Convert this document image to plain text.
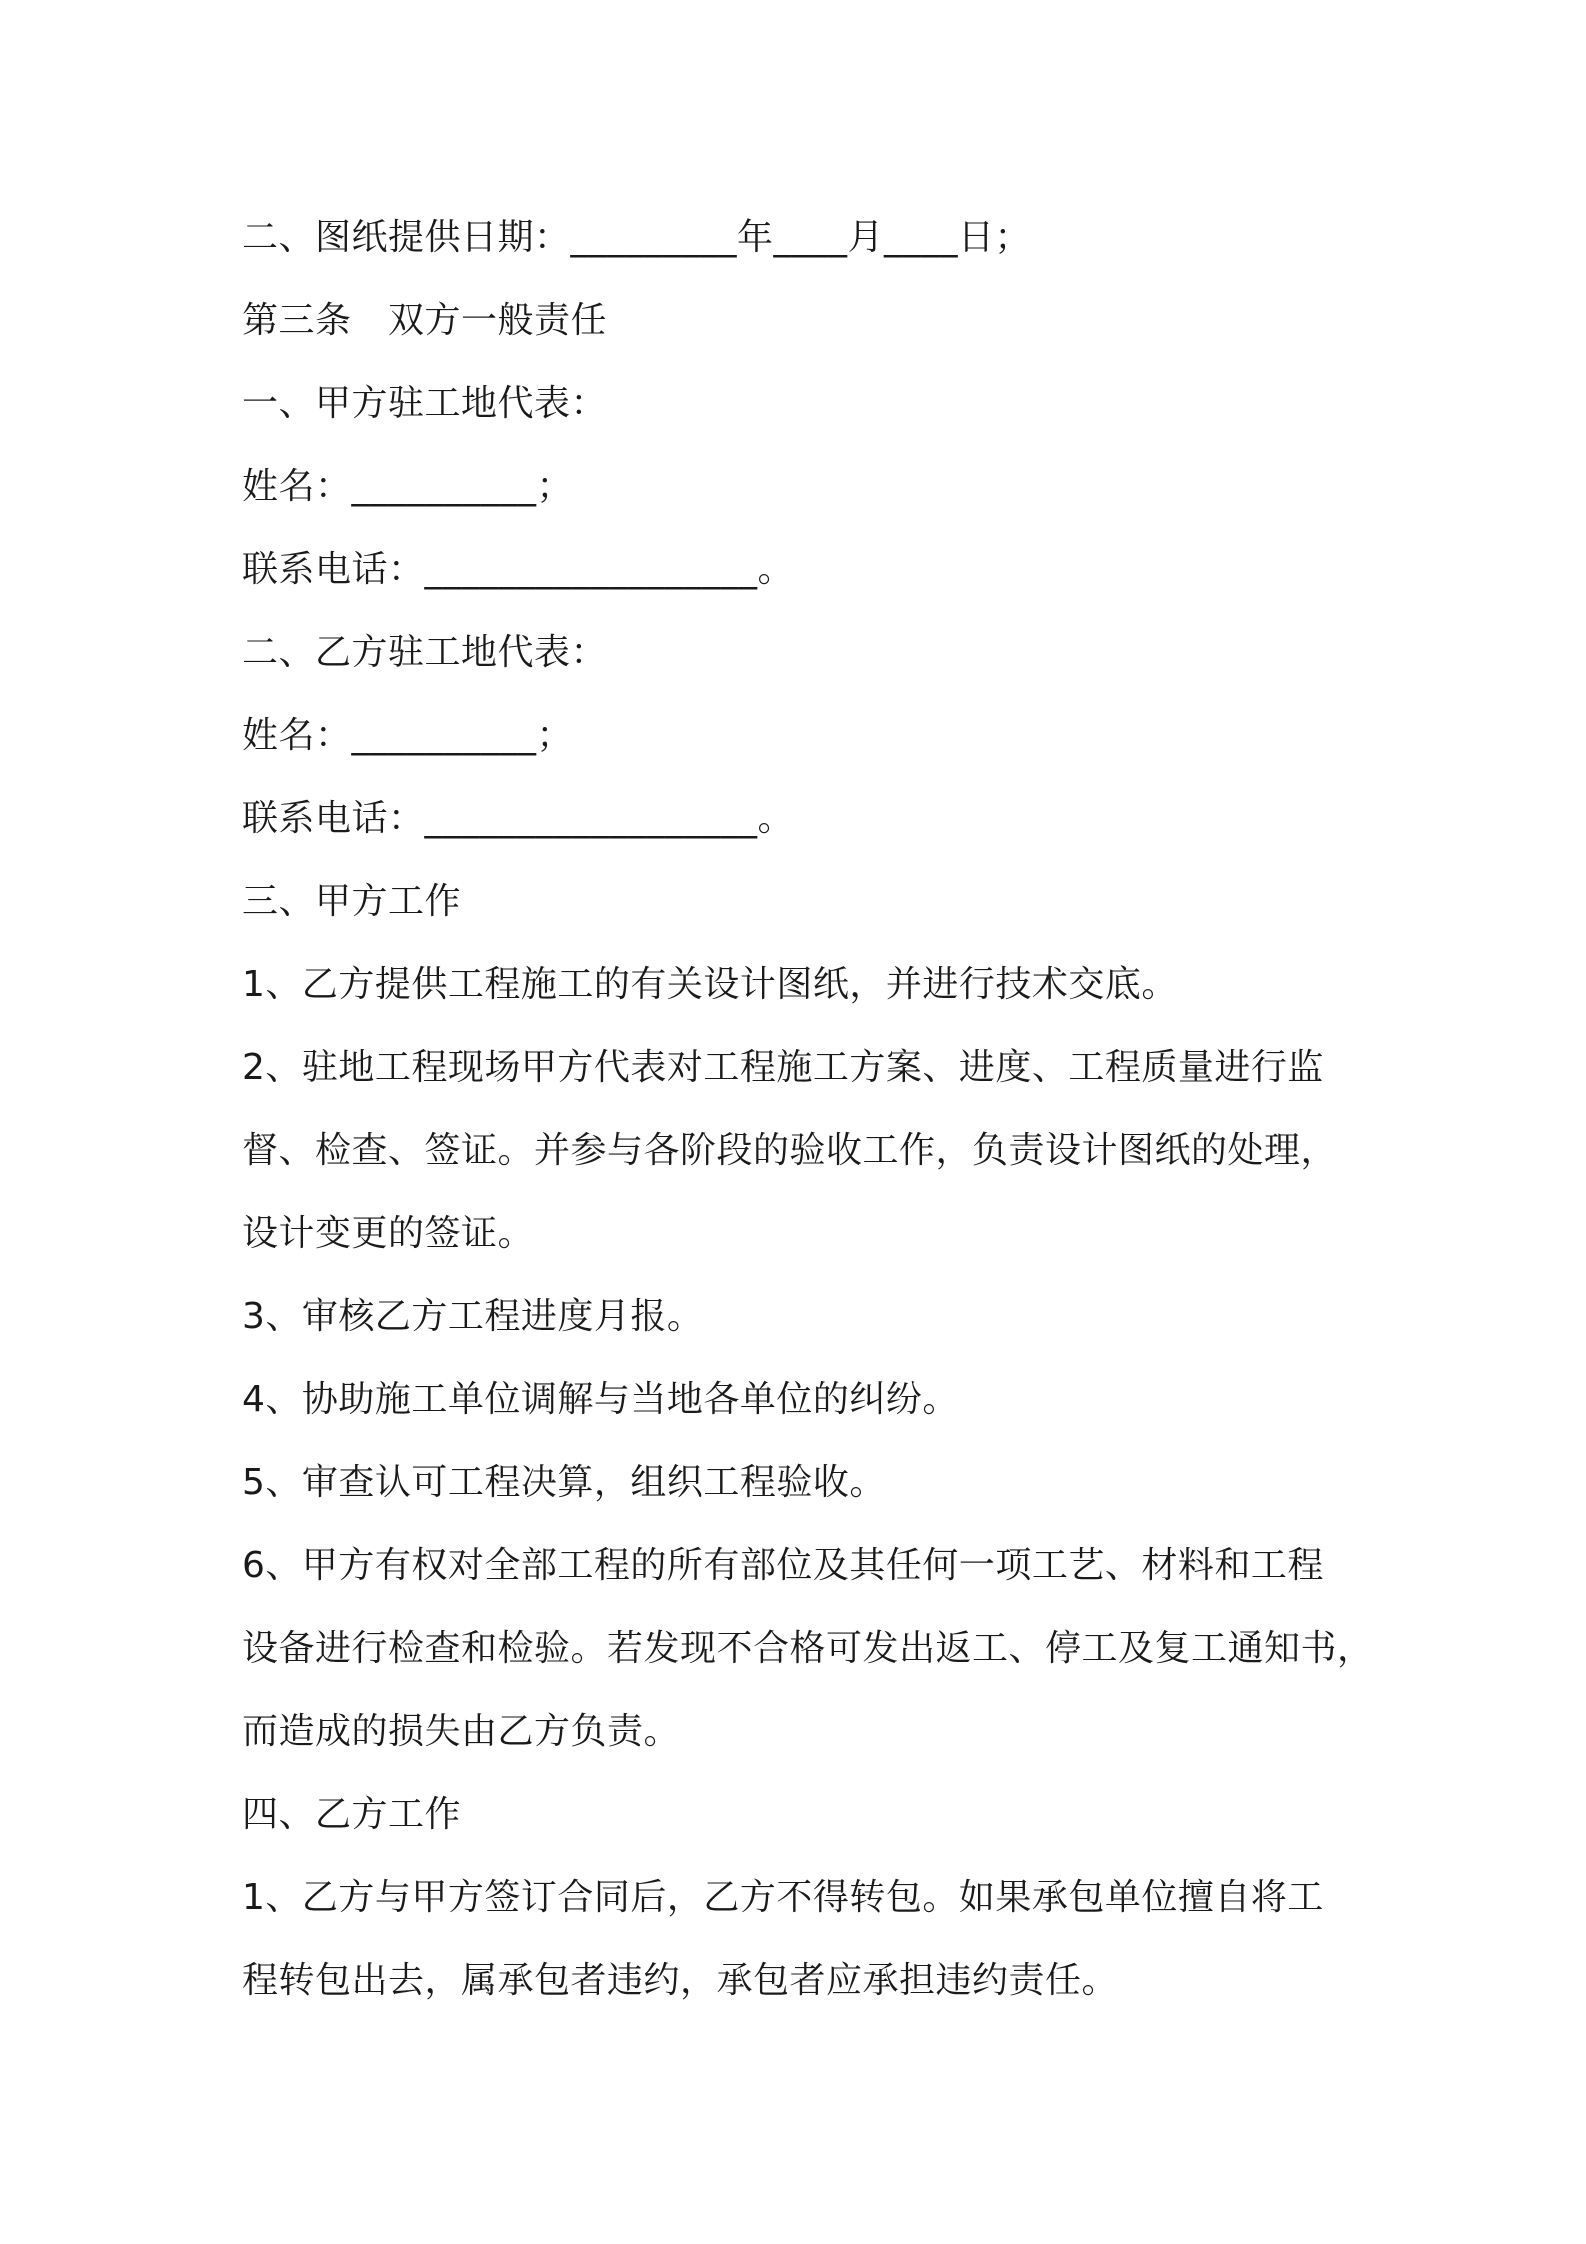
二、图纸提供日期：_________年____月____日；
第三条　双方一般责任
一、甲方驻工地代表：
姓名：__________；
联系电话：__________________。
二、乙方驻工地代表：
姓名：__________；
联系电话：__________________。
三、甲方工作
1、乙方提供工程施工的有关设计图纸，并进行技术交底。
2、驻地工程现场甲方代表对工程施工方案、进度、工程质量进行监
督、检查、签证。并参与各阶段的验收工作，负责设计图纸的处理，
设计变更的签证。
3、审核乙方工程进度月报。
4、协助施工单位调解与当地各单位的纠纷。
5、审查认可工程决算，组织工程验收。
6、甲方有权对全部工程的所有部位及其任何一项工艺、材料和工程
设备进行检查和检验。若发现不合格可发出返工、停工及复工通知书，
而造成的损失由乙方负责。
四、乙方工作
1、乙方与甲方签订合同后，乙方不得转包。如果承包单位擅自将工
程转包出去，属承包者违约，承包者应承担违约责任。
